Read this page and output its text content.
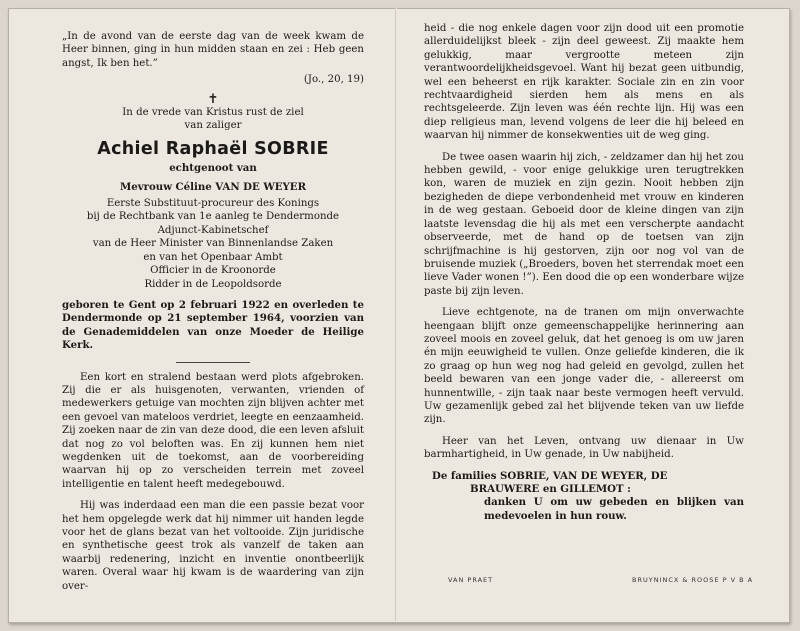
„In de avond van de eerste dag van de week kwam de Heer binnen, ging in hun midden staan en zei : Heb geen angst, Ik ben het.”

(Jo., 20, 19)

✝

In de vrede van Kristus rust de ziel

van zaliger

Achiel Raphaël SOBRIE

echtgenoot van

Mevrouw Céline VAN DE WEYER

Eerste Substituut-procureur des Konings

bij de Rechtbank van 1e aanleg te Dendermonde

Adjunct-Kabinetschef

van de Heer Minister van Binnenlandse Zaken

en van het Openbaar Ambt

Officier in de Kroonorde

Ridder in de Leopoldsorde

geboren te Gent op 2 februari 1922 en overleden te Dendermonde op 21 september 1964, voorzien van de Genademiddelen van onze Moeder de Heilige Kerk.

Een kort en stralend bestaan werd plots afgebroken. Zij die er als huisgenoten, verwanten, vrienden of medewerkers getuige van mochten zijn blijven achter met een gevoel van mateloos verdriet, leegte en eenzaamheid. Zij zoeken naar de zin van deze dood, die een leven afsluit dat nog zo vol beloften was. En zij kunnen hem niet wegdenken uit de toekomst, aan de voorbereiding waarvan hij op zo verscheiden terrein met zoveel intelligentie en talent heeft medegebouwd.

Hij was inderdaad een man die een passie bezat voor het hem opgelegde werk dat hij nimmer uit handen legde voor het de glans bezat van het voltooide. Zijn juridische en synthetische geest trok als vanzelf de taken aan waarbij redenering, inzicht en inventie onontbeerlijk waren. Overal waar hij kwam is de waardering van zijn over-

heid - die nog enkele dagen voor zijn dood uit een promotie allerduidelijkst bleek - zijn deel geweest. Zij maakte hem gelukkig, maar vergrootte meteen zijn verantwoordelijkheidsgevoel. Want hij bezat geen uitbundig, wel een beheerst en rijk karakter. Sociale zin en zin voor rechtvaardigheid sierden hem als mens en als rechtsgeleerde. Zijn leven was één rechte lijn. Hij was een diep religieus man, levend volgens de leer die hij beleed en waarvan hij nimmer de konsekwenties uit de weg ging.

De twee oasen waarin hij zich, - zeldzamer dan hij het zou hebben gewild, - voor enige gelukkige uren terugtrekken kon, waren de muziek en zijn gezin. Nooit hebben zijn bezigheden de diepe verbondenheid met vrouw en kinderen in de weg gestaan. Geboeid door de kleine dingen van zijn laatste levensdag die hij als met een verscherpte aandacht observeerde, met de hand op de toetsen van zijn schrijfmachine is hij gestorven, zijn oor nog vol van de bruisende muziek („Broeders, boven het sterrendak moet een lieve Vader wonen !”). Een dood die op een wonderbare wijze paste bij zijn leven.

Lieve echtgenote, na de tranen om mijn onverwachte heengaan blijft onze gemeenschappelijke herinnering aan zoveel moois en zoveel geluk, dat het genoeg is om uw jaren én mijn eeuwigheid te vullen. Onze geliefde kinderen, die ik zo graag op hun weg nog had geleid en gevolgd, zullen het beeld bewaren van een jonge vader die, - allereerst om hunnentwille, - zijn taak naar beste vermogen heeft vervuld. Uw gezamenlijk gebed zal het blijvende teken van uw liefde zijn.

Heer van het Leven, ontvang uw dienaar in Uw barmhartigheid, in Uw genade, in Uw nabijheid.

De families SOBRIE, VAN DE WEYER, DE
BRAUWERE en GILLEMOT :
danken U om uw gebeden en blijken van medevoelen in hun rouw.
VAN PRAET	BRUYNINCX & ROOSE P V B A
